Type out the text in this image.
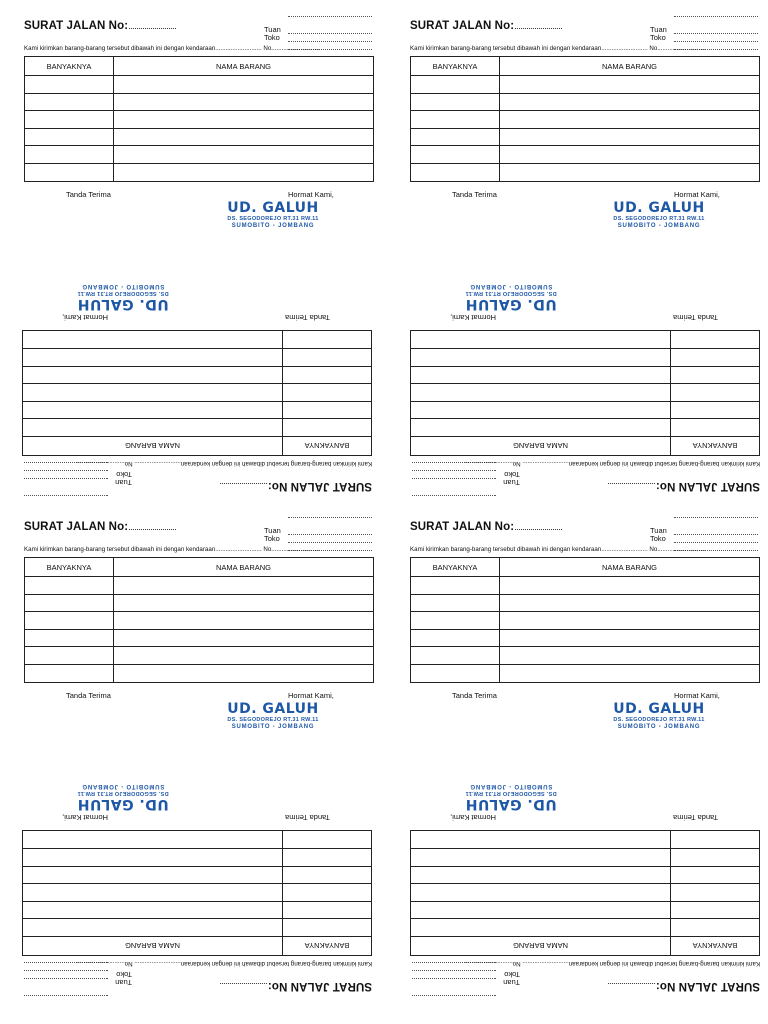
SURAT JALAN No:........................	Tuan
Toko
Kami kirimkan barang-barang tersebut dibawah ini dengan kendaraan........................... No............................
BANYAKNYA	NAMA BARANG

Tanda Terima	Hormat Kami,
UD. GALUH
DS. SEGODOREJO RT.31 RW.11
SUMOBITO - JOMBANG
SURAT JALAN No:........................	Tuan
Toko
Kami kirimkan barang-barang tersebut dibawah ini dengan kendaraan........................... No............................
BANYAKNYA	NAMA BARANG

Tanda Terima	Hormat Kami,
UD. GALUH
DS. SEGODOREJO RT.31 RW.11
SUMOBITO - JOMBANG
SURAT JALAN No:........................
Tuan
Toko
Kami kirimkan barang-barang tersebut dibawah ini dengan kendaraan........................... No............................
BANYAKNYA	NAMA BARANG

Tanda Terima
Hormat Kami,
UD. GALUH
DS. SEGODOREJO RT.31 RW.11
SUMOBITO - JOMBANG
SURAT JALAN No:........................
Tuan
Toko
Kami kirimkan barang-barang tersebut dibawah ini dengan kendaraan........................... No............................
BANYAKNYA	NAMA BARANG

Tanda Terima
Hormat Kami,
UD. GALUH
DS. SEGODOREJO RT.31 RW.11
SUMOBITO - JOMBANG
SURAT JALAN No:........................	Tuan
Toko
Kami kirimkan barang-barang tersebut dibawah ini dengan kendaraan........................... No............................
BANYAKNYA	NAMA BARANG

Tanda Terima	Hormat Kami,
UD. GALUH
DS. SEGODOREJO RT.31 RW.11
SUMOBITO - JOMBANG
SURAT JALAN No:........................	Tuan
Toko
Kami kirimkan barang-barang tersebut dibawah ini dengan kendaraan........................... No............................
BANYAKNYA	NAMA BARANG

Tanda Terima	Hormat Kami,
UD. GALUH
DS. SEGODOREJO RT.31 RW.11
SUMOBITO - JOMBANG
SURAT JALAN No:........................
Tuan
Toko
Kami kirimkan barang-barang tersebut dibawah ini dengan kendaraan........................... No............................
BANYAKNYA	NAMA BARANG

Tanda Terima
Hormat Kami,
UD. GALUH
DS. SEGODOREJO RT.31 RW.11
SUMOBITO - JOMBANG
SURAT JALAN No:........................
Tuan
Toko
Kami kirimkan barang-barang tersebut dibawah ini dengan kendaraan........................... No............................
BANYAKNYA	NAMA BARANG

Tanda Terima
Hormat Kami,
UD. GALUH
DS. SEGODOREJO RT.31 RW.11
SUMOBITO - JOMBANG
